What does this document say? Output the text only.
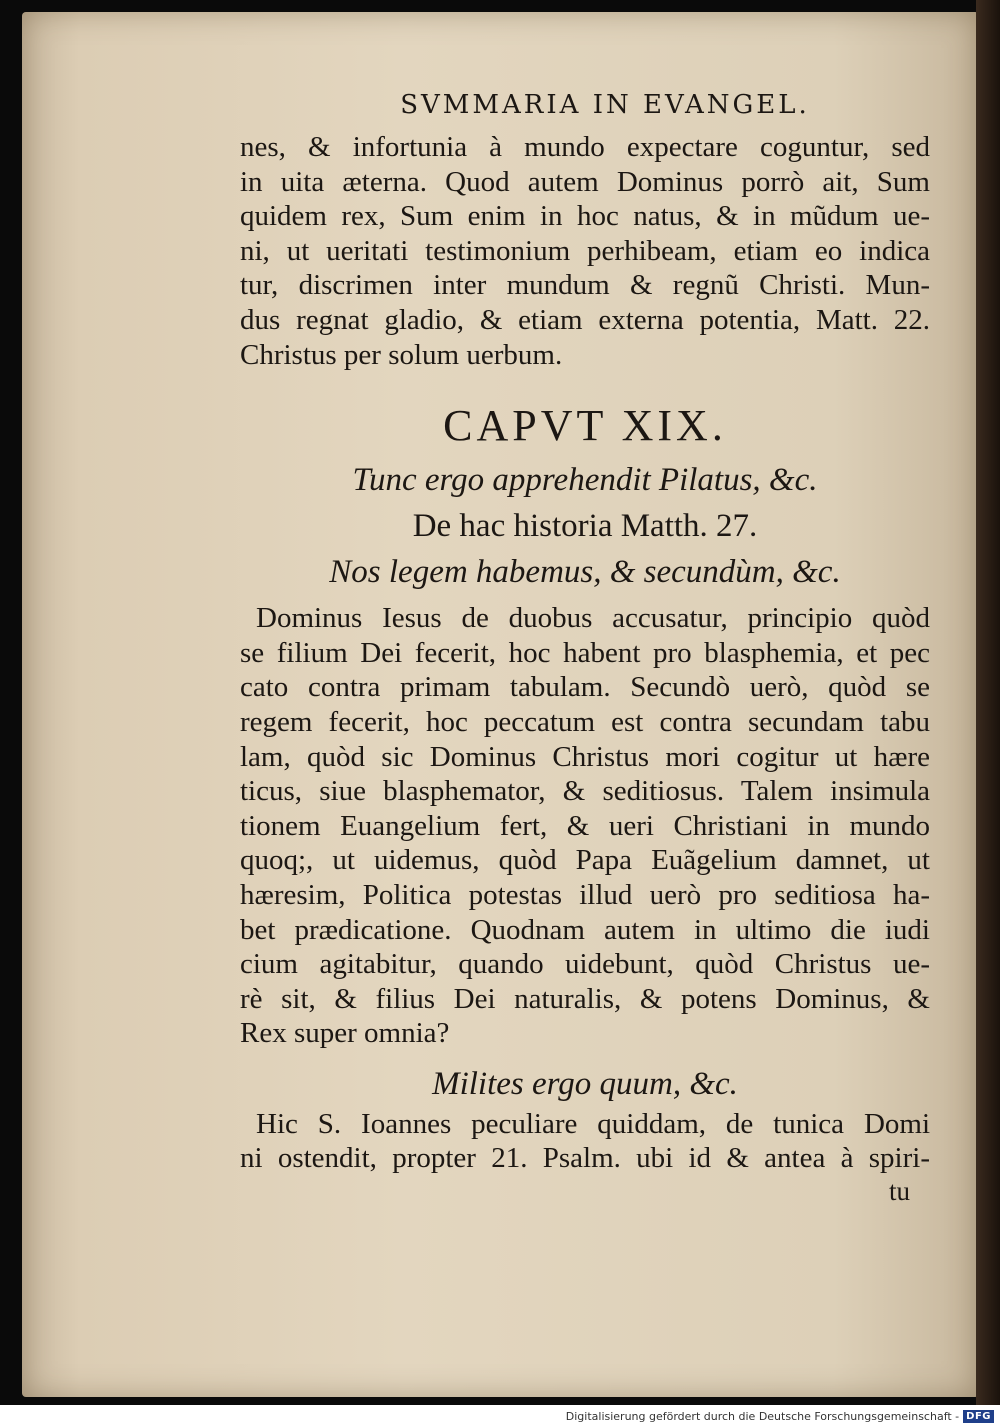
SVMMARIA IN EVANGEL.
nes, & infortunia à mundo expectare coguntur, sed
in uita æterna. Quod autem Dominus porrò ait, Sum
quidem rex, Sum enim in hoc natus, & in mũdum ue-
ni, ut ueritati testimonium perhibeam, etiam eo indica
tur, discrimen inter mundum & regnũ Christi. Mun-
dus regnat gladio, & etiam externa potentia, Matt. 22.
Christus per solum uerbum.
CAPVT XIX.
Tunc ergo apprehendit Pilatus, &c.
De hac historia Matth. 27.
Nos legem habemus, & secundùm, &c.
Dominus Iesus de duobus accusatur, principio quòd
se filium Dei fecerit, hoc habent pro blasphemia, et pec
cato contra primam tabulam. Secundò uerò, quòd se
regem fecerit, hoc peccatum est contra secundam tabu
lam, quòd sic Dominus Christus mori cogitur ut hære
ticus, siue blasphemator, & seditiosus. Talem insimula
tionem Euangelium fert, & ueri Christiani in mundo
quoq;, ut uidemus, quòd Papa Euãgelium damnet, ut
hæresim, Politica potestas illud uerò pro seditiosa ha-
bet prædicatione. Quodnam autem in ultimo die iudi
cium agitabitur, quando uidebunt, quòd Christus ue-
rè sit, & filius Dei naturalis, & potens Dominus, &
Rex super omnia?
Milites ergo quum, &c.
Hic S. Ioannes peculiare quiddam, de tunica Domi
ni ostendit, propter 21. Psalm. ubi id & antea à spiri-
tu
Digitalisierung gefördert durch die Deutsche Forschungsgemeinschaft - DFG
